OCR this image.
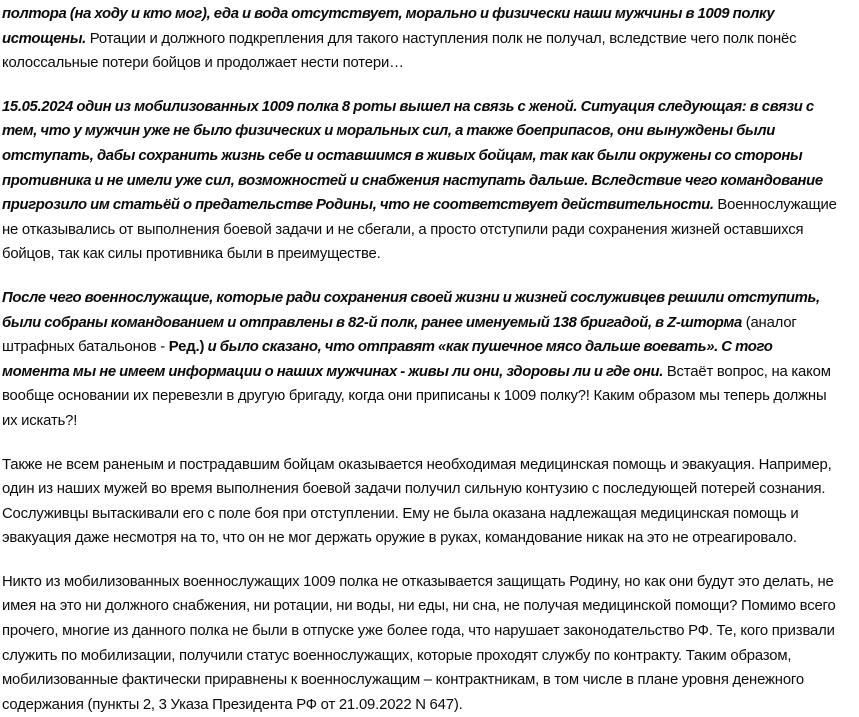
полтора (на ходу и кто мог), еда и вода отсутствует, морально и физически наши мужчины в 1009 полку истощены. Ротации и должного подкрепления для такого наступления полк не получал, вследствие чего полк понёс колоссальные потери бойцов и продолжает нести потери…

15.05.2024 один из мобилизованных 1009 полка 8 роты вышел на связь с женой. Ситуация следующая: в связи с тем, что у мужчин уже не было физических и моральных сил, а также боеприпасов, они вынуждены были отступать, дабы сохранить жизнь себе и оставшимся в живых бойцам, так как были окружены со стороны противника и не имели уже сил, возможностей и снабжения наступать дальше. Вследствие чего командование пригрозило им статьёй о предательстве Родины, что не соответствует действительности. Военнослужащие не отказывались от выполнения боевой задачи и не сбегали, а просто отступили ради сохранения жизней оставшихся бойцов, так как силы противника были в преимуществе.

После чего военнослужащие, которые ради сохранения своей жизни и жизней сослуживцев решили отступить, были собраны командованием и отправлены в 82-й полк, ранее именуемый 138 бригадой, в Z-шторма (аналог штрафных батальонов - Ред.) и было сказано, что отправят «как пушечное мясо дальше воевать». С того момента мы не имеем информации о наших мужчинах - живы ли они, здоровы ли и где они. Встаёт вопрос, на каком вообще основании их перевезли в другую бригаду, когда они приписаны к 1009 полку?! Каким образом мы теперь должны их искать?!

Также не всем раненым и пострадавшим бойцам оказывается необходимая медицинская помощь и эвакуация. Например, один из наших мужей во время выполнения боевой задачи получил сильную контузию с последующей потерей сознания. Сослуживцы вытаскивали его с поле боя при отступлении. Ему не была оказана надлежащая медицинская помощь и эвакуация даже несмотря на то, что он не мог держать оружие в руках, командование никак на это не отреагировало.

Никто из мобилизованных военнослужащих 1009 полка не отказывается защищать Родину, но как они будут это делать, не имея на это ни должного снабжения, ни ротации, ни воды, ни еды, ни сна, не получая медицинской помощи? Помимо всего прочего, многие из данного полка не были в отпуске уже более года, что нарушает законодательство РФ. Те, кого призвали служить по мобилизации, получили статус военнослужащих, которые проходят службу по контракту. Таким образом, мобилизованные фактически приравнены к военнослужащим – контрактникам, в том числе в плане уровня денежного содержания (пункты 2, 3 Указа Президента РФ от 21.09.2022 N 647).
